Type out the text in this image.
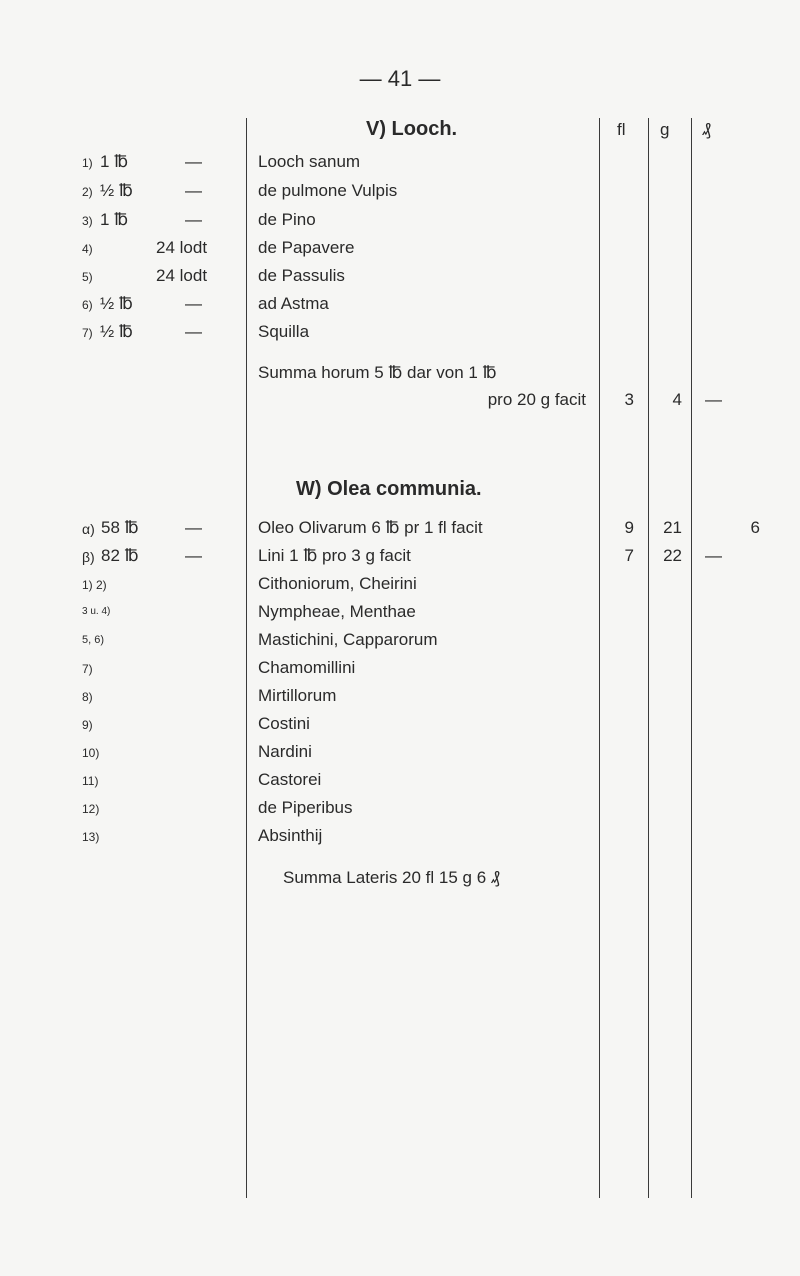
— 41 —
fl g ₰
V) Looch.
1) 1 ℔	—	Looch sanum
2) ½ ℔	—	de pulmone Vulpis
3) 1 ℔	—	de Pino
4)	24 lodt	de Papavere
5)	24 lodt	de Passulis
6) ½ ℔	—	ad Astma
7) ½ ℔	—	Squilla
Summa horum 5 ℔ dar von 1 ℔
pro 20 g facit	3	4	—
W) Olea communia.
α) 58 ℔	—	Oleo Olivarum 6 ℔ pr 1 fl facit	9	21	6
β) 82 ℔	—	Lini 1 ℔ pro 3 g facit	7	22	—
1) 2)	Cithoniorum, Cheirini
3 u. 4)	Nympheae, Menthae
5, 6)	Mastichini, Capparorum
7)	Chamomillini
8)	Mirtillorum
9)	Costini
10)	Nardini
11)	Castorei
12)	de Piperibus
13)	Absinthij
Summa Lateris 20 fl 15 g 6 ₰
